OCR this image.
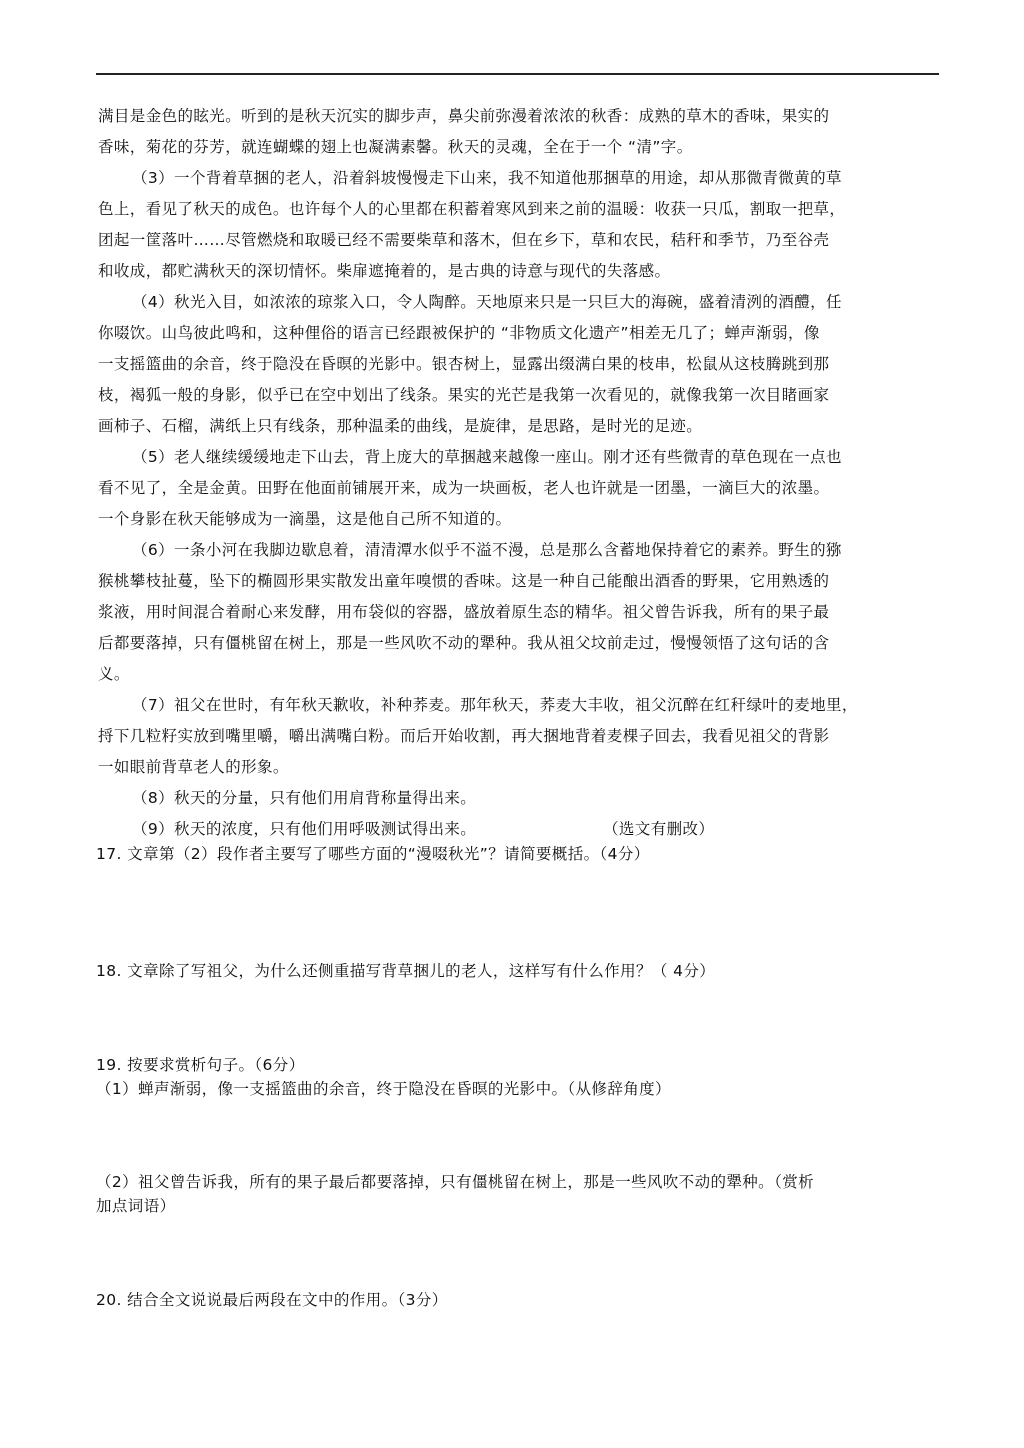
满目是金色的眩光。听到的是秋天沉实的脚步声，鼻尖前弥漫着浓浓的秋香：成熟的草木的香味，果实的

香味，菊花的芬芳，就连蝴蝶的翅上也凝满素馨。秋天的灵魂，全在于一个 “清”字。

（3）一个背着草捆的老人，沿着斜坡慢慢走下山来，我不知道他那捆草的用途，却从那微青微黄的草

色上，看见了秋天的成色。也许每个人的心里都在积蓄着寒风到来之前的温暖：收获一只瓜，割取一把草，

团起一筐落叶……尽管燃烧和取暖已经不需要柴草和落木，但在乡下，草和农民，秸秆和季节，乃至谷壳

和收成，都贮满秋天的深切情怀。柴扉遮掩着的，是古典的诗意与现代的失落感。

（4）秋光入目，如浓浓的琼浆入口，令人陶醉。天地原来只是一只巨大的海碗，盛着清洌的酒醴，任

你啜饮。山鸟彼此鸣和，这种俚俗的语言已经跟被保护的 “非物质文化遗产”相差无几了；蝉声渐弱，像

一支摇篮曲的余音，终于隐没在昏暝的光影中。银杏树上，显露出缀满白果的枝串，松鼠从这枝腾跳到那

枝，褐狐一般的身影，似乎已在空中划出了线条。果实的光芒是我第一次看见的，就像我第一次目睹画家

画柿子、石榴，满纸上只有线条，那种温柔的曲线，是旋律，是思路，是时光的足迹。

（5）老人继续缓缓地走下山去，背上庞大的草捆越来越像一座山。刚才还有些微青的草色现在一点也

看不见了，全是金黄。田野在他面前铺展开来，成为一块画板，老人也许就是一团墨，一滴巨大的浓墨。

一个身影在秋天能够成为一滴墨，这是他自己所不知道的。

（6）一条小河在我脚边歇息着，清清潭水似乎不溢不漫，总是那么含蓄地保持着它的素养。野生的猕

猴桃攀枝扯蔓，坠下的椭圆形果实散发出童年嗅惯的香味。这是一种自己能酿出酒香的野果，它用熟透的

浆液，用时间混合着耐心来发酵，用布袋似的容器，盛放着原生态的精华。祖父曾告诉我，所有的果子最

后都要落掉，只有僵桃留在树上，那是一些风吹不动的犟种。我从祖父坟前走过，慢慢领悟了这句话的含

义。

（7）祖父在世时，有年秋天歉收，补种荞麦。那年秋天，荞麦大丰收，祖父沉醉在红秆绿叶的麦地里，

捋下几粒籽实放到嘴里嚼，嚼出满嘴白粉。而后开始收割，再大捆地背着麦棵子回去，我看见祖父的背影

一如眼前背草老人的形象。

（8）秋天的分量，只有他们用肩背称量得出来。

（9）秋天的浓度，只有他们用呼吸测试得出来。	（选文有删改）

17. 文章第（2）段作者主要写了哪些方面的“漫啜秋光”？请简要概括。（4分）

18. 文章除了写祖父，为什么还侧重描写背草捆儿的老人，这样写有什么作用？（ 4分）

19. 按要求赏析句子。（6分）

（1）蝉声渐弱，像一支摇篮曲的余音，终于隐没在昏暝的光影中。（从修辞角度）

（2）祖父曾告诉我，所有的果子最后都要落掉，只有僵桃留在树上，那是一些风吹不动的犟种。（赏析

加点词语）

20. 结合全文说说最后两段在文中的作用。（3分）
